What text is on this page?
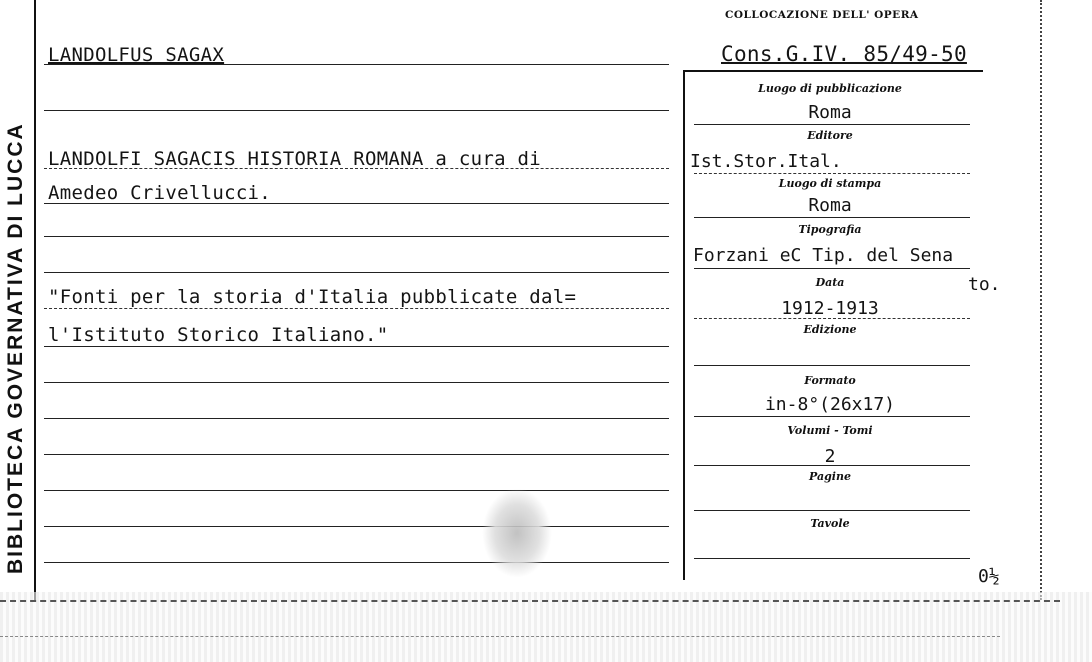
BIBLIOTECA GOVERNATIVA DI LUCCA
COLLOCAZIONE DELL' OPERA
LANDOLFUS SAGAX	Cons.G.IV. 85/49-50
LANDOLFI SAGACIS HISTORIA ROMANA a cura di
Amedeo Crivellucci.
"Fonti per la storia d'Italia pubblicate dal=
l'Istituto Storico Italiano."
Luogo di pubblicazione
Roma
Editore
Ist.Stor.Ital.
Luogo di stampa
Roma
Tipografia
Forzani eC Tip. del Sena
to.
Data
1912-1913
Edizione
Formato
in-8°(26x17)
Volumi - Tomi
2
Pagine
Tavole
0½
